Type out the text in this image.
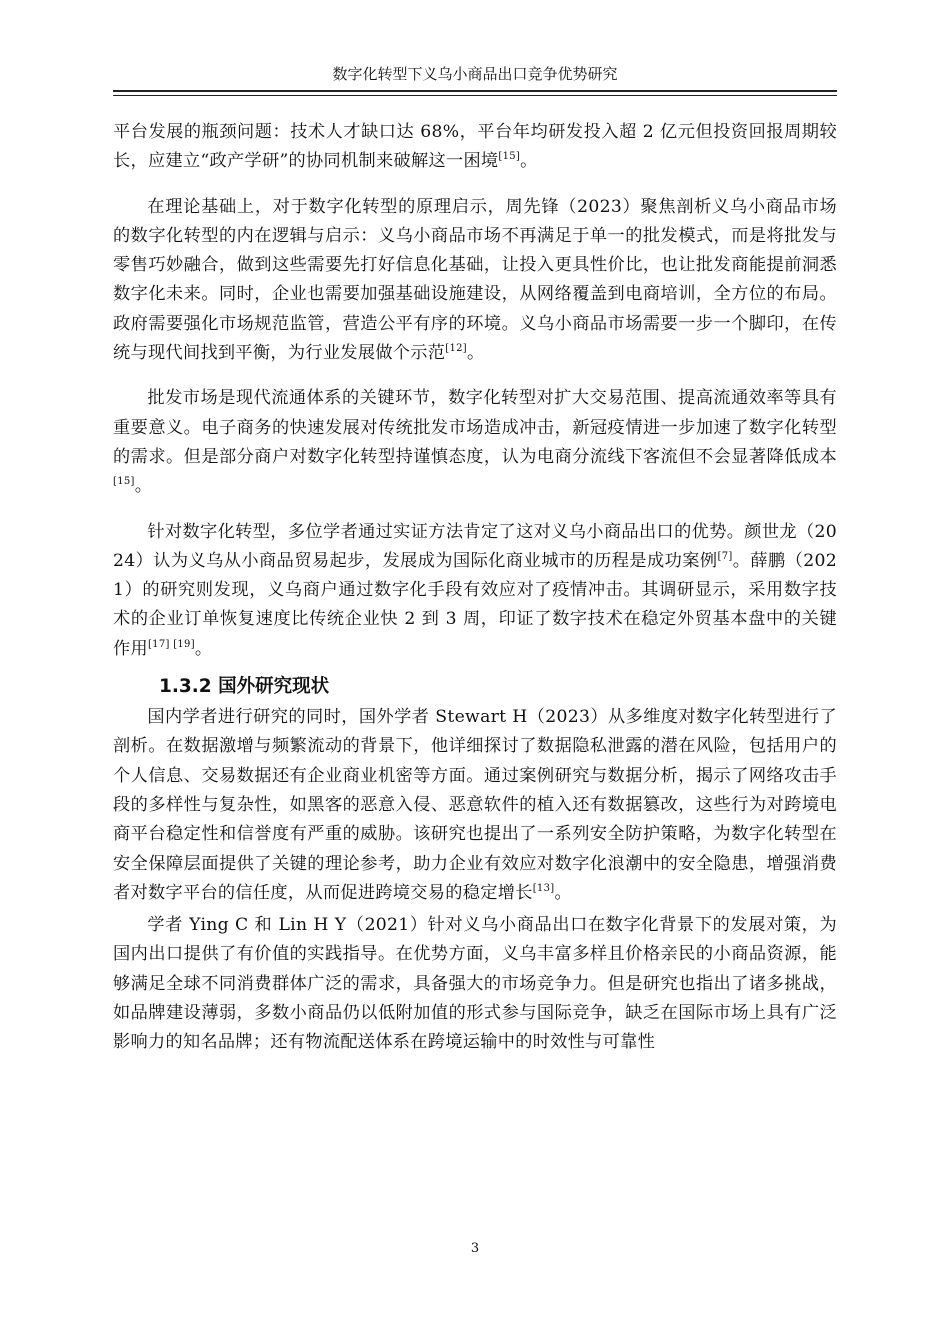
数字化转型下义乌小商品出口竞争优势研究

平台发展的瓶颈问题：技术人才缺口达 68%，平台年均研发投入超 2 亿元但投资回报周期较长，应建立“政产学研”的协同机制来破解这一困境[15]。

在理论基础上，对于数字化转型的原理启示，周先锋（2023）聚焦剖析义乌小商品市场的数字化转型的内在逻辑与启示：义乌小商品市场不再满足于单一的批发模式，而是将批发与零售巧妙融合，做到这些需要先打好信息化基础，让投入更具性价比，也让批发商能提前洞悉数字化未来。同时，企业也需要加强基础设施建设，从网络覆盖到电商培训，全方位的布局。政府需要强化市场规范监管，营造公平有序的环境。义乌小商品市场需要一步一个脚印，在传统与现代间找到平衡，为行业发展做个示范[12]。

批发市场是现代流通体系的关键环节，数字化转型对扩大交易范围、提高流通效率等具有重要意义。电子商务的快速发展对传统批发市场造成冲击，新冠疫情进一步加速了数字化转型的需求。但是部分商户对数字化转型持谨慎态度，认为电商分流线下客流但不会显著降低成本[15]。

针对数字化转型，多位学者通过实证方法肯定了这对义乌小商品出口的优势。颜世龙（2024）认为义乌从小商品贸易起步，发展成为国际化商业城市的历程是成功案例[7]。薛鹏（2021）的研究则发现，义乌商户通过数字化手段有效应对了疫情冲击。其调研显示，采用数字技术的企业订单恢复速度比传统企业快 2 到 3 周，印证了数字技术在稳定外贸基本盘中的关键作用[17] [19]。

1.3.2 国外研究现状

国内学者进行研究的同时，国外学者 Stewart H（2023）从多维度对数字化转型进行了剖析。在数据激增与频繁流动的背景下，他详细探讨了数据隐私泄露的潜在风险，包括用户的个人信息、交易数据还有企业商业机密等方面。通过案例研究与数据分析，揭示了网络攻击手段的多样性与复杂性，如黑客的恶意入侵、恶意软件的植入还有数据篡改，这些行为对跨境电商平台稳定性和信誉度有严重的威胁。该研究也提出了一系列安全防护策略，为数字化转型在安全保障层面提供了关键的理论参考，助力企业有效应对数字化浪潮中的安全隐患，增强消费者对数字平台的信任度，从而促进跨境交易的稳定增长[13]。

学者 Ying C 和 Lin H Y（2021）针对义乌小商品出口在数字化背景下的发展对策，为国内出口提供了有价值的实践指导。在优势方面，义乌丰富多样且价格亲民的小商品资源，能够满足全球不同消费群体广泛的需求，具备强大的市场竞争力。但是研究也指出了诸多挑战，如品牌建设薄弱，多数小商品仍以低附加值的形式参与国际竞争，缺乏在国际市场上具有广泛影响力的知名品牌；还有物流配送体系在跨境运输中的时效性与可靠性

3
